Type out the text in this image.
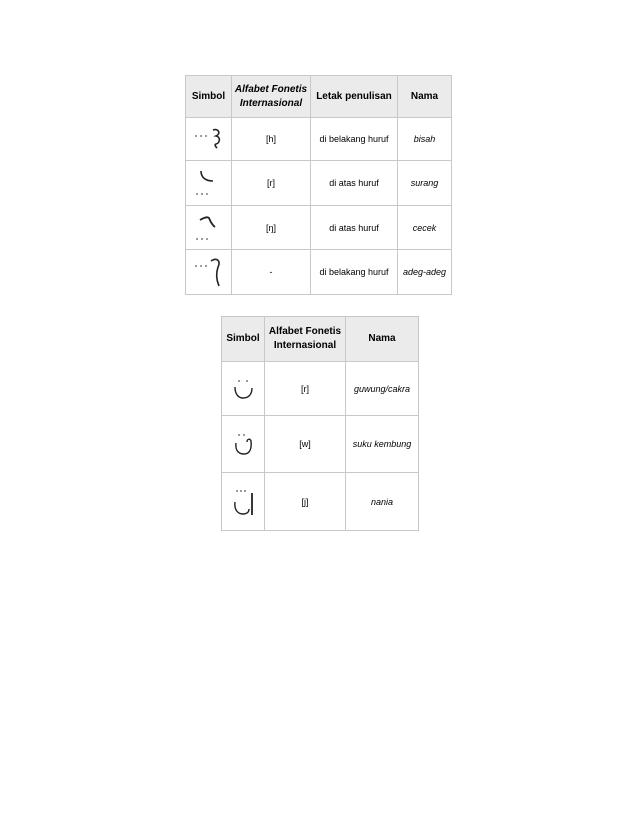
Simbol	Alfabet Fonetis Internasional	Letak penulisan	Nama

	[h]	di belakang huruf	bisah

	[r]	di atas huruf	surang

	[ŋ]	di atas huruf	cecek

	-	di belakang huruf	adeg-adeg
Simbol	Alfabet Fonetis Internasional	Nama

	[r]	guwung/cakra

	[w]	suku kembung

	[j]	nania
